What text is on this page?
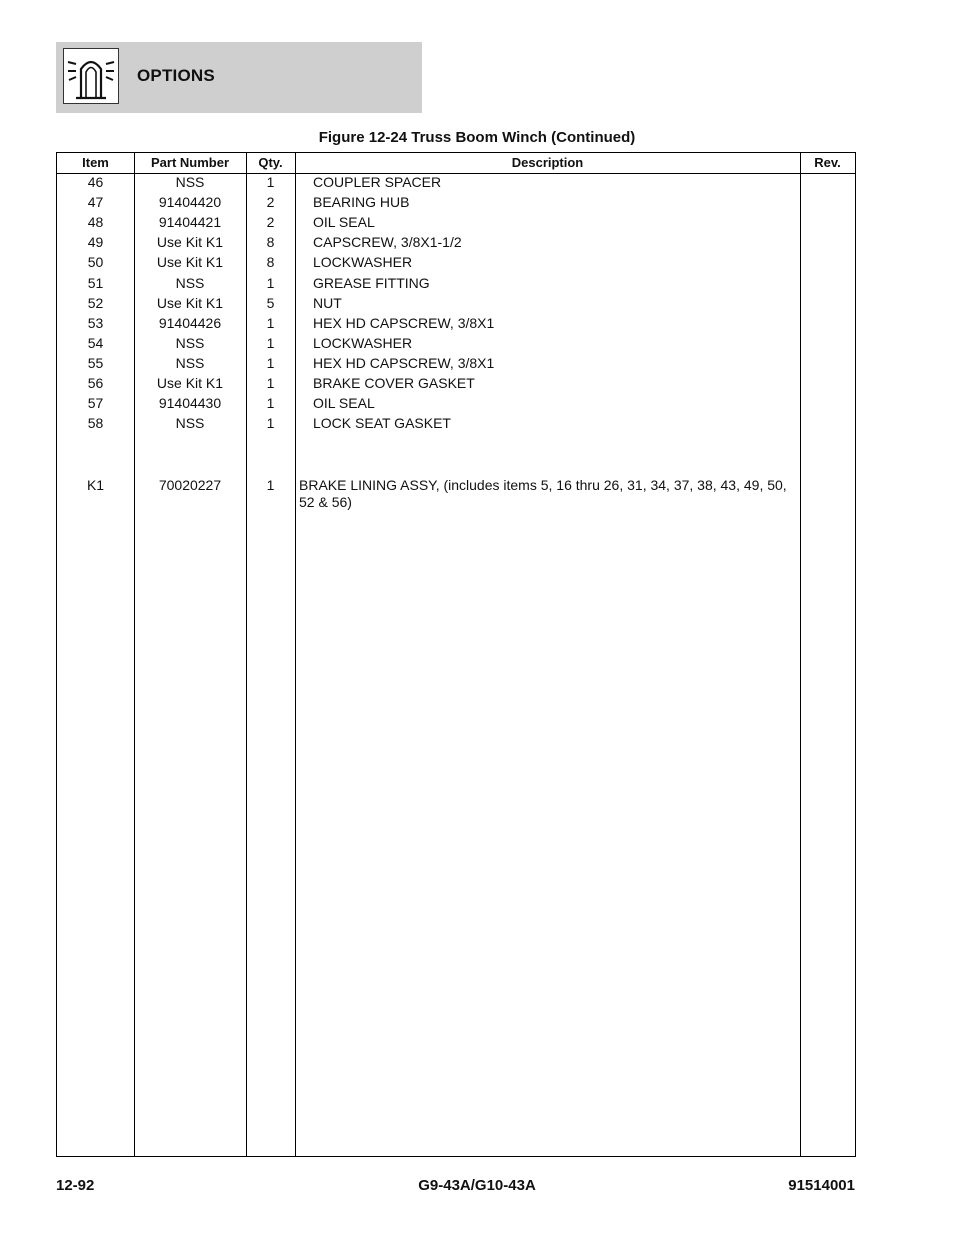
OPTIONS
Figure 12-24 Truss Boom Winch (Continued)
Item	Part Number	Qty.	Description	Rev.
46	NSS	1	COUPLER SPACER
47	91404420	2	BEARING HUB
48	91404421	2	OIL SEAL
49	Use Kit K1	8	CAPSCREW, 3/8X1-1/2
50	Use Kit K1	8	LOCKWASHER
51	NSS	1	GREASE FITTING
52	Use Kit K1	5	NUT
53	91404426	1	HEX HD CAPSCREW, 3/8X1
54	NSS	1	LOCKWASHER
55	NSS	1	HEX HD CAPSCREW, 3/8X1
56	Use Kit K1	1	BRAKE COVER GASKET
57	91404430	1	OIL SEAL
58	NSS	1	LOCK SEAT GASKET
K1	70020227	1	BRAKE LINING ASSY, (includes items 5, 16 thru 26, 31, 34, 37, 38, 43, 49, 50, 52 & 56)
12-92	G9-43A/G10-43A	91514001
